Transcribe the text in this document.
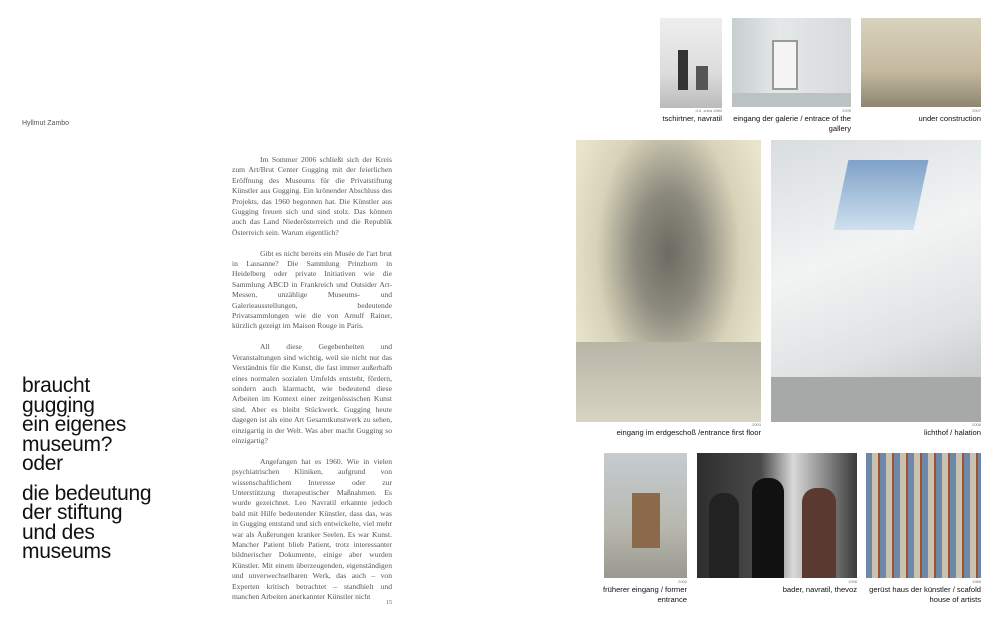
Hyllmut Zambo
braucht
gugging
ein eigenes
museum?
oder
die bedeutung
der stiftung
und des
museums

Im Sommer 2006 schließt sich der Kreis zum Art/Brut Center Gugging mit der feierlichen Eröffnung des Museums für die Privatstiftung Künstler aus Gugging. Ein krönender Abschluss des Projekts, das 1960 begonnen hat. Die Künstler aus Gugging freuen sich und sind stolz. Das können auch das Land Niederösterreich und die Republik Österreich sein. Warum eigentlich?

Gibt es nicht bereits ein Musée de l'art brut in Lausanne? Die Sammlung Prinzhorn in Heidelberg oder private Initiativen wie die Sammlung ABCD in Frankreich und Outsider Art-Messen, unzählige Museums- und Galerieausstellungen, bedeutende Privatsammlungen wie die von Arnulf Rainer, kürzlich gezeigt im Maison Rouge in Paris.

All diese Gegebenheiten und Veranstaltungen sind wichtig, weil sie nicht nur das Verständnis für die Kunst, die fast immer außerhalb eines normalen sozialen Umfelds entsteht, fördern, sondern auch klarmacht, wie bedeutend diese Arbeiten im Kontext einer zeitgenössischen Kunst sind. Aber es bleibt Stückwerk. Gugging heute dagegen ist als eine Art Gesamtkunstwerk zu sehen, einzigartig in der Welt. Was aber macht Gugging so einzigartig?

Angefangen hat es 1960. Wie in vielen psychiatrischen Kliniken, aufgrund von wissenschaftlichem Interesse oder zur Unterstützung therapeutischer Maßnahmen. Es wurde gezeichnet. Leo Navratil erkannte jedoch bald mit Hilfe bedeutender Künstler, dass das, was in Gugging entstand und sich entwickelte, viel mehr war als Äußerungen kranker Seelen. Es war Kunst. Mancher Patient blieb Patient, trotz interessanter bildnerischer Dokumente, einige aber wurden Künstler. Mit einem überzeugenden, eigenständigen und unverwechselbaren Werk, das auch – von Experten kritisch betrachtet – standhielt und manchen Arbeiten anerkannter Künstler nicht

15
d.h. zuba 1980
tschirtner, navratil
2005
eingang der galerie / entrace of the gallery
2007
under construction
2003
eingang im erdgeschoß /entrance first floor
2006
lichthof / halation
2000
früherer eingang / former entrance
1998
bader, navratil, thevoz
1988
gerüst haus der künstler / scafold house of artists
